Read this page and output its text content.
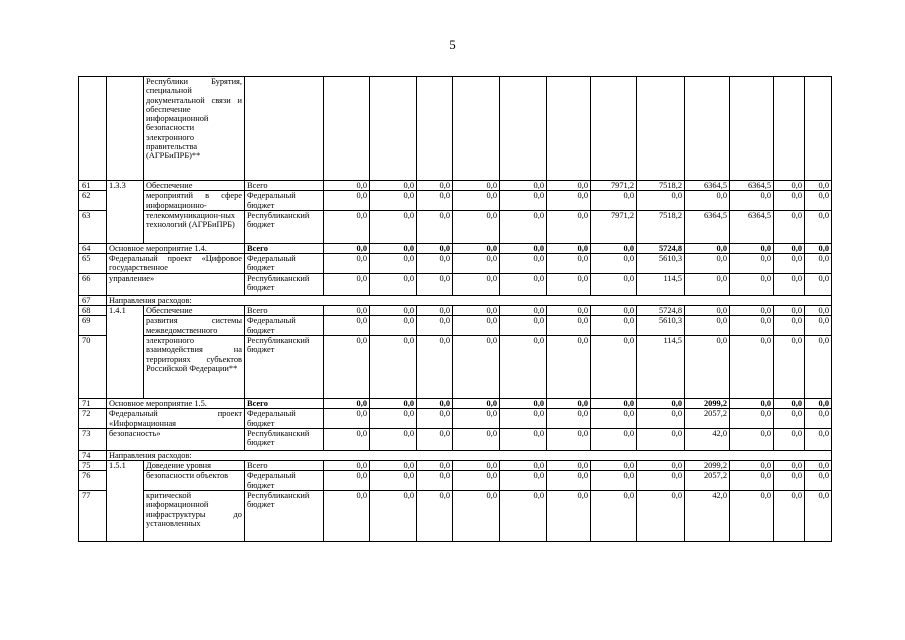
5
		Республики Бурятия, специальной документальной связи и обеспечение информационной безопасности электронного правительства (АГРБиПРБ)**													
61	1.3.3	Обеспечение	Всего	0,0	0,0	0,0	0,0	0,0	0,0	7971,2	7518,2	6364,5	6364,5	0,0	0,0
62		мероприятий в сфере информационно-	Федеральный бюджет	0,0	0,0	0,0	0,0	0,0	0,0	0,0	0,0	0,0	0,0	0,0	0,0
63		телекоммуникацион-ных технологий (АГРБиПРБ)	Республиканский бюджет	0,0	0,0	0,0	0,0	0,0	0,0	7971,2	7518,2	6364,5	6364,5	0,0	0,0
64	Основное мероприятие 1.4.		Всего	0,0	0,0	0,0	0,0	0,0	0,0	0,0	5724,8	0,0	0,0	0,0	0,0
65	Федеральный проект «Цифровое государственное		Федеральный бюджет	0,0	0,0	0,0	0,0	0,0	0,0	0,0	5610,3	0,0	0,0	0,0	0,0
66	управление»		Республиканский бюджет	0,0	0,0	0,0	0,0	0,0	0,0	0,0	114,5	0,0	0,0	0,0	0,0
67	Направления расходов:														
68	1.4.1	Обеспечение	Всего	0,0	0,0	0,0	0,0	0,0	0,0	0,0	5724,8	0,0	0,0	0,0	0,0
69		развития системы межведомственного	Федеральный бюджет	0,0	0,0	0,0	0,0	0,0	0,0	0,0	5610,3	0,0	0,0	0,0	0,0
70		электронного взаимодействия на территориях субъектов Российской Федерации**	Республиканский бюджет	0,0	0,0	0,0	0,0	0,0	0,0	0,0	114,5	0,0	0,0	0,0	0,0
71	Основное мероприятие 1.5.		Всего	0,0	0,0	0,0	0,0	0,0	0,0	0,0	0,0	2099,2	0,0	0,0	0,0
72	Федеральный проект «Информационная		Федеральный бюджет	0,0	0,0	0,0	0,0	0,0	0,0	0,0	0,0	2057,2	0,0	0,0	0,0
73	безопасность»		Республиканский бюджет	0,0	0,0	0,0	0,0	0,0	0,0	0,0	0,0	42,0	0,0	0,0	0,0
74	Направления расходов:														
75	1.5.1	Доведение уровня	Всего	0,0	0,0	0,0	0,0	0,0	0,0	0,0	0,0	2099,2	0,0	0,0	0,0
76		безопасности объектов	Федеральный бюджет	0,0	0,0	0,0	0,0	0,0	0,0	0,0	0,0	2057,2	0,0	0,0	0,0
77		критической информационной инфраструктуры до установленных	Республиканский бюджет	0,0	0,0	0,0	0,0	0,0	0,0	0,0	0,0	42,0	0,0	0,0	0,0
